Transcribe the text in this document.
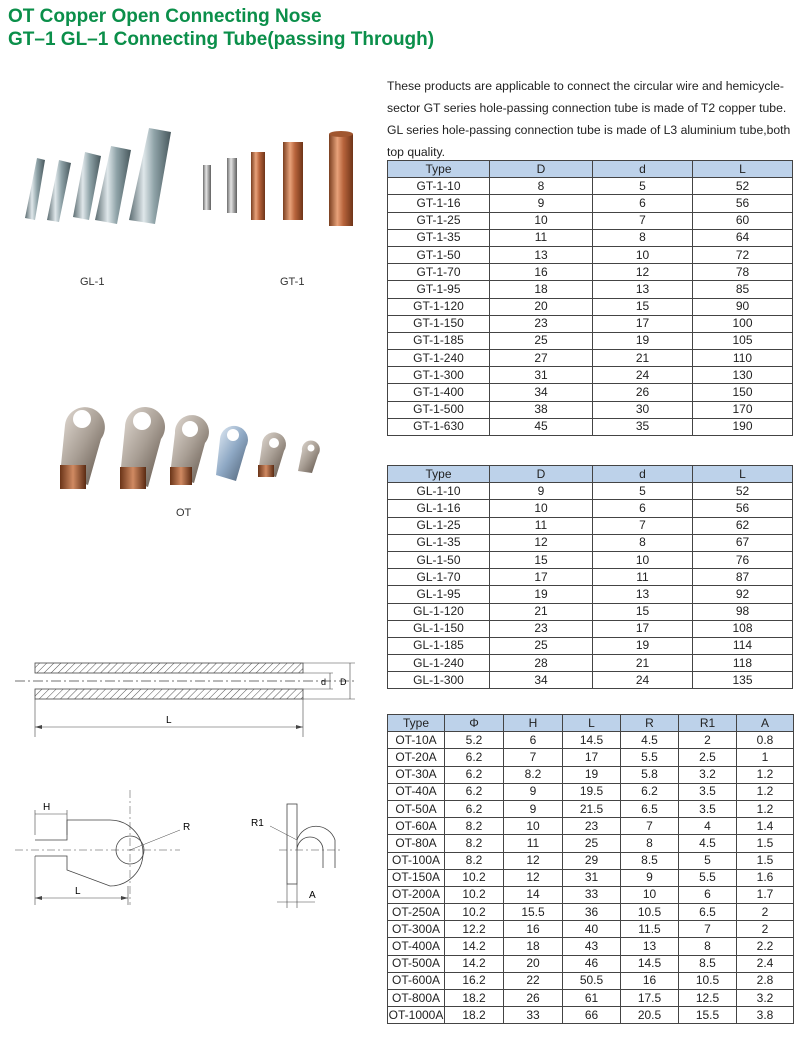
OT Copper Open Connecting Nose
GT–1 GL–1 Connecting Tube(passing Through)

These products are applicable to connect the circular wire and hemicycle-sector GT series hole-passing connection tube is made of T2 copper tube. GL series hole-passing connection tube is made of L3 aluminium tube,both top quality.

GL-1	GT-1
OT
d D
L
H
R
L
R1
A
Type	D	d	L
GT-1-10	8	5	52
GT-1-16	9	6	56
GT-1-25	10	7	60
GT-1-35	11	8	64
GT-1-50	13	10	72
GT-1-70	16	12	78
GT-1-95	18	13	85
GT-1-120	20	15	90
GT-1-150	23	17	100
GT-1-185	25	19	105
GT-1-240	27	21	110
GT-1-300	31	24	130
GT-1-400	34	26	150
GT-1-500	38	30	170
GT-1-630	45	35	190
Type	D	d	L
GL-1-10	9	5	52
GL-1-16	10	6	56
GL-1-25	11	7	62
GL-1-35	12	8	67
GL-1-50	15	10	76
GL-1-70	17	11	87
GL-1-95	19	13	92
GL-1-120	21	15	98
GL-1-150	23	17	108
GL-1-185	25	19	114
GL-1-240	28	21	118
GL-1-300	34	24	135
Type	Φ	H	L	R	R1	A
OT-10A	5.2	6	14.5	4.5	2	0.8
OT-20A	6.2	7	17	5.5	2.5	1
OT-30A	6.2	8.2	19	5.8	3.2	1.2
OT-40A	6.2	9	19.5	6.2	3.5	1.2
OT-50A	6.2	9	21.5	6.5	3.5	1.2
OT-60A	8.2	10	23	7	4	1.4
OT-80A	8.2	11	25	8	4.5	1.5
OT-100A	8.2	12	29	8.5	5	1.5
OT-150A	10.2	12	31	9	5.5	1.6
OT-200A	10.2	14	33	10	6	1.7
OT-250A	10.2	15.5	36	10.5	6.5	2
OT-300A	12.2	16	40	11.5	7	2
OT-400A	14.2	18	43	13	8	2.2
OT-500A	14.2	20	46	14.5	8.5	2.4
OT-600A	16.2	22	50.5	16	10.5	2.8
OT-800A	18.2	26	61	17.5	12.5	3.2
OT-1000A	18.2	33	66	20.5	15.5	3.8
